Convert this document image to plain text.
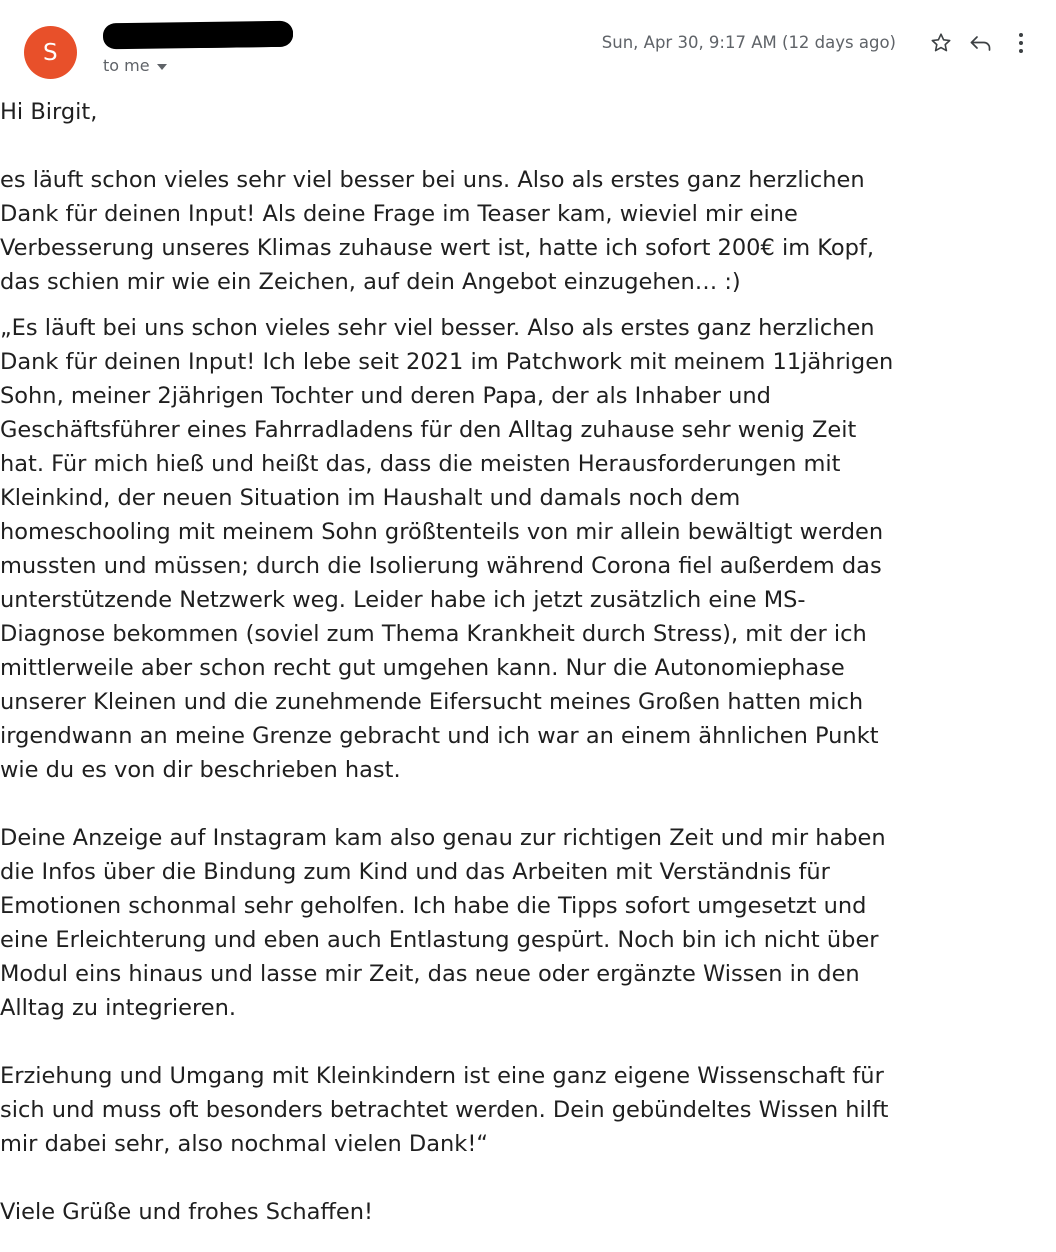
S	to me
Sun, Apr 30, 9:17 AM (12 days ago)

Hi Birgit,

es läuft schon vieles sehr viel besser bei uns. Also als erstes ganz herzlichen Dank für deinen Input! Als deine Frage im Teaser kam, wieviel mir eine Verbesserung unseres Klimas zuhause wert ist, hatte ich sofort 200€ im Kopf, das schien mir wie ein Zeichen, auf dein Angebot einzugehen… :)

„Es läuft bei uns schon vieles sehr viel besser. Also als erstes ganz herzlichen Dank für deinen Input! Ich lebe seit 2021 im Patchwork mit meinem 11jährigen Sohn, meiner 2jährigen Tochter und deren Papa, der als Inhaber und Geschäftsführer eines Fahrradladens für den Alltag zuhause sehr wenig Zeit hat. Für mich hieß und heißt das, dass die meisten Herausforderungen mit Kleinkind, der neuen Situation im Haushalt und damals noch dem homeschooling mit meinem Sohn größtenteils von mir allein bewältigt werden mussten und müssen; durch die Isolierung während Corona fiel außerdem das unterstützende Netzwerk weg. Leider habe ich jetzt zusätzlich eine MS-Diagnose bekommen (soviel zum Thema Krankheit durch Stress), mit der ich mittlerweile aber schon recht gut umgehen kann. Nur die Autonomiephase unserer Kleinen und die zunehmende Eifersucht meines Großen hatten mich irgendwann an meine Grenze gebracht und ich war an einem ähnlichen Punkt wie du es von dir beschrieben hast.

Deine Anzeige auf Instagram kam also genau zur richtigen Zeit und mir haben die Infos über die Bindung zum Kind und das Arbeiten mit Verständnis für Emotionen schonmal sehr geholfen. Ich habe die Tipps sofort umgesetzt und eine Erleichterung und eben auch Entlastung gespürt. Noch bin ich nicht über Modul eins hinaus und lasse mir Zeit, das neue oder ergänzte Wissen in den Alltag zu integrieren.

Erziehung und Umgang mit Kleinkindern ist eine ganz eigene Wissenschaft für sich und muss oft besonders betrachtet werden. Dein gebündeltes Wissen hilft mir dabei sehr, also nochmal vielen Dank!“

Viele Grüße und frohes Schaffen!
